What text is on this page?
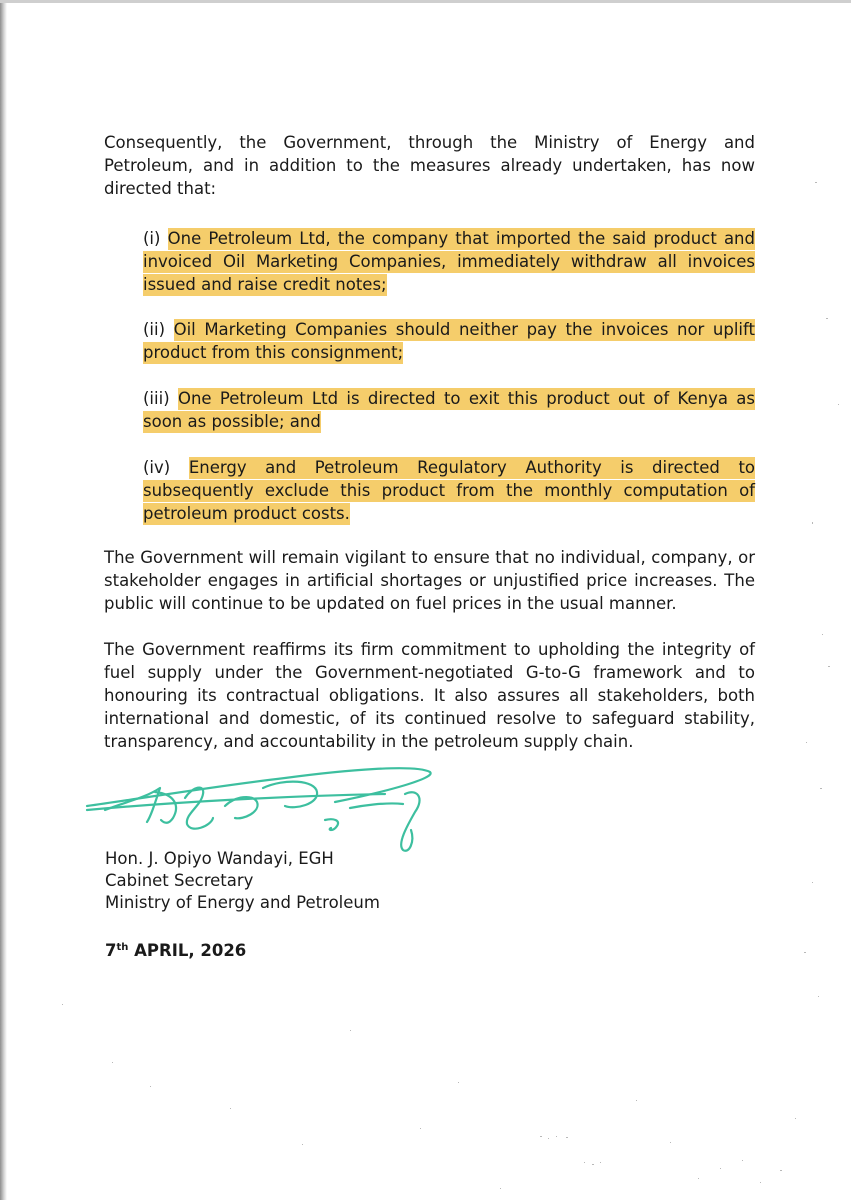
Consequently, the Government, through the Ministry of Energy and Petroleum, and in addition to the measures already undertaken, has now directed that:

(i) One Petroleum Ltd, the company that imported the said product and invoiced Oil Marketing Companies, immediately withdraw all invoices issued and raise credit notes;

(ii) Oil Marketing Companies should neither pay the invoices nor uplift product from this consignment;

(iii) One Petroleum Ltd is directed to exit this product out of Kenya as soon as possible; and

(iv) Energy and Petroleum Regulatory Authority is directed to subsequently exclude this product from the monthly computation of petroleum product costs.

The Government will remain vigilant to ensure that no individual, company, or stakeholder engages in artificial shortages or unjustified price increases. The public will continue to be updated on fuel prices in the usual manner.

The Government reaffirms its firm commitment to upholding the integrity of fuel supply under the Government-negotiated G-to-G framework and to honouring its contractual obligations. It also assures all stakeholders, both international and domestic, of its continued resolve to safeguard stability, transparency, and accountability in the petroleum supply chain.

Hon. J. Opiyo Wandayi, EGH
Cabinet Secretary
Ministry of Energy and Petroleum
7th APRIL, 2026
